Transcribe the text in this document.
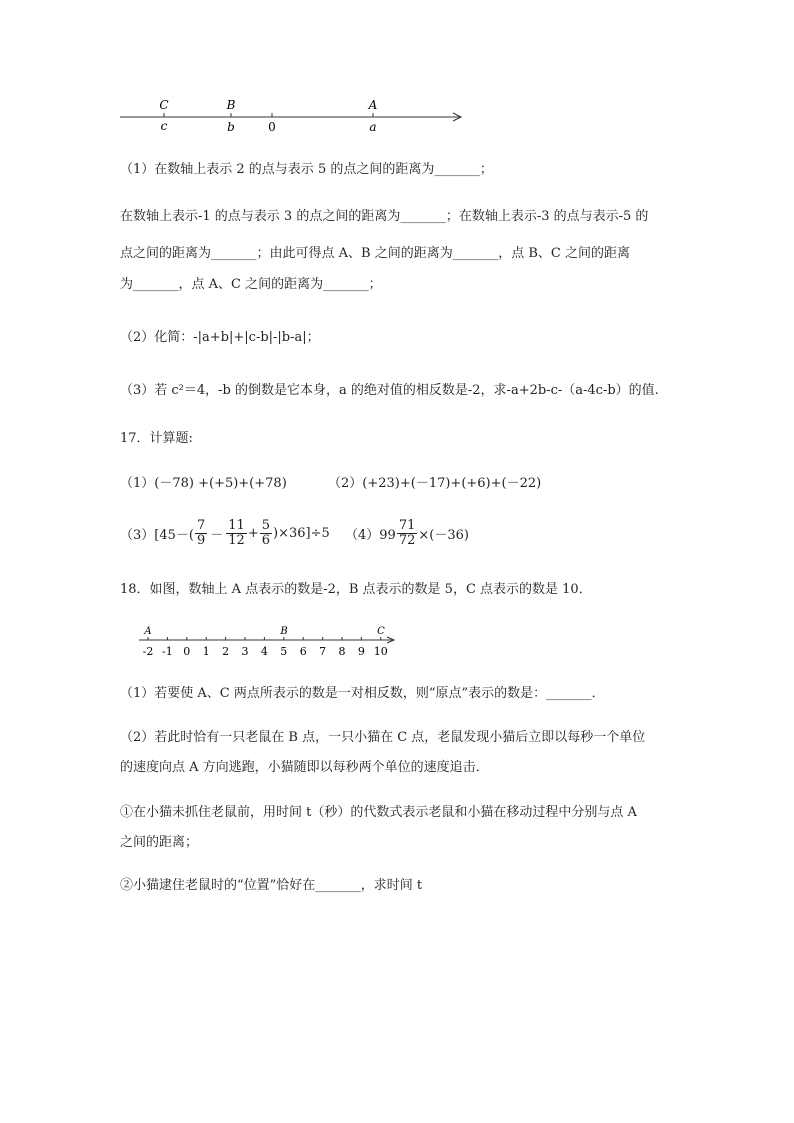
C	B	A
c	b	0	a
（1）在数轴上表示 2 的点与表示 5 的点之间的距离为_______；
在数轴上表示-1 的点与表示 3 的点之间的距离为_______；在数轴上表示-3 的点与表示-5 的
点之间的距离为_______；由此可得点 A、B 之间的距离为_______，点 B、C 之间的距离
为_______，点 A、C 之间的距离为_______；
（2）化简：-|a+b|+|c-b|-|b-a|；
（3）若 c²＝4，-b 的倒数是它本身，a 的绝对值的相反数是-2，求-a+2b-c-（a-4c-b）的值.
17．计算题:
（1）(－78) +(+5)+(+78)	（2）(+23)+(－17)+(+6)+(－22)
$(3)[45-( \frac{7}{9} - \frac{11}{12} + \frac{5}{6} )\times 36]\div 5$ $(4)99 \frac{71}{72} \times(-36)$
18．如图，数轴上 A 点表示的数是-2，B 点表示的数是 5，C 点表示的数是 10．
A	B	C
-2 -1 0 1 2 3 4 5 6 7 8 9 10
（1）若要使 A、C 两点所表示的数是一对相反数，则“原点”表示的数是：_______．
（2）若此时恰有一只老鼠在 B 点，一只小猫在 C 点，老鼠发现小猫后立即以每秒一个单位
的速度向点 A 方向逃跑，小猫随即以每秒两个单位的速度追击．
①在小猫未抓住老鼠前，用时间 t（秒）的代数式表示老鼠和小猫在移动过程中分别与点 A
之间的距离；
②小猫逮住老鼠时的“位置”恰好在_______，求时间 t
